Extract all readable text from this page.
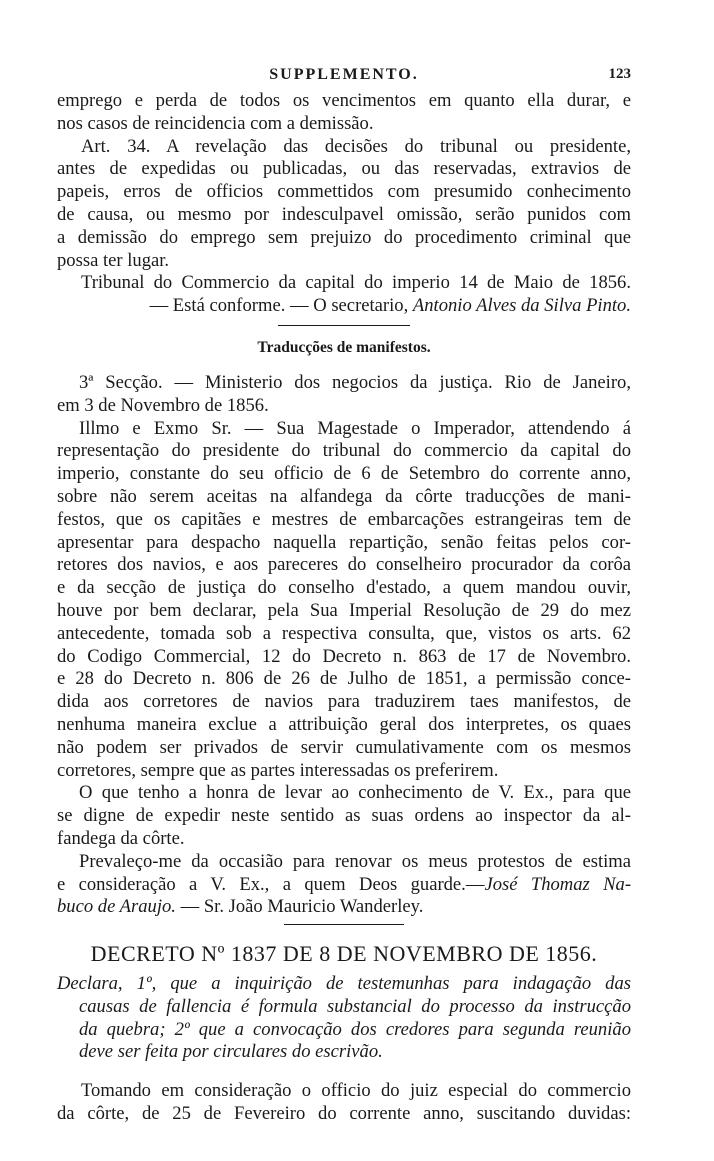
SUPPLEMENTO.	123
emprego e perda de todos os vencimentos em quanto ella durar, e
nos casos de reincidencia com a demissão.
Art. 34. A revelação das decisões do tribunal ou presidente,
antes de expedidas ou publicadas, ou das reservadas, extravios de
papeis, erros de officios commettidos com presumido conhecimento
de causa, ou mesmo por indesculpavel omissão, serão punidos com
a demissão do emprego sem prejuizo do procedimento criminal que
possa ter lugar.
Tribunal do Commercio da capital do imperio 14 de Maio de 1856.
— Está conforme. — O secretario, Antonio Alves da Silva Pinto.
Traducções de manifestos.
3ª Secção. — Ministerio dos negocios da justiça. Rio de Janeiro,
em 3 de Novembro de 1856.
Illmo e Exmo Sr. — Sua Magestade o Imperador, attendendo á
representação do presidente do tribunal do commercio da capital do
imperio, constante do seu officio de 6 de Setembro do corrente anno,
sobre não serem aceitas na alfandega da côrte traducções de mani-
festos, que os capitães e mestres de embarcações estrangeiras tem de
apresentar para despacho naquella repartição, senão feitas pelos cor-
retores dos navios, e aos pareceres do conselheiro procurador da corôa
e da secção de justiça do conselho d'estado, a quem mandou ouvir,
houve por bem declarar, pela Sua Imperial Resolução de 29 do mez
antecedente, tomada sob a respectiva consulta, que, vistos os arts. 62
do Codigo Commercial, 12 do Decreto n. 863 de 17 de Novembro.
e 28 do Decreto n. 806 de 26 de Julho de 1851, a permissão conce-
dida aos corretores de navios para traduzirem taes manifestos, de
nenhuma maneira exclue a attribuição geral dos interpretes, os quaes
não podem ser privados de servir cumulativamente com os mesmos
corretores, sempre que as partes interessadas os preferirem.
O que tenho a honra de levar ao conhecimento de V. Ex., para que
se digne de expedir neste sentido as suas ordens ao inspector da al-
fandega da côrte.
Prevaleço-me da occasião para renovar os meus protestos de estima
e consideração a V. Ex., a quem Deos guarde.—José Thomaz Na-
buco de Araujo. — Sr. João Mauricio Wanderley.
DECRETO Nº 1837 DE 8 DE NOVEMBRO DE 1856.
Declara, 1º, que a inquirição de testemunhas para indagação das
causas de fallencia é formula substancial do processo da instrucção
da quebra; 2º que a convocação dos credores para segunda reunião
deve ser feita por circulares do escrivão.
Tomando em consideração o officio do juiz especial do commercio
da côrte, de 25 de Fevereiro do corrente anno, suscitando duvidas:
